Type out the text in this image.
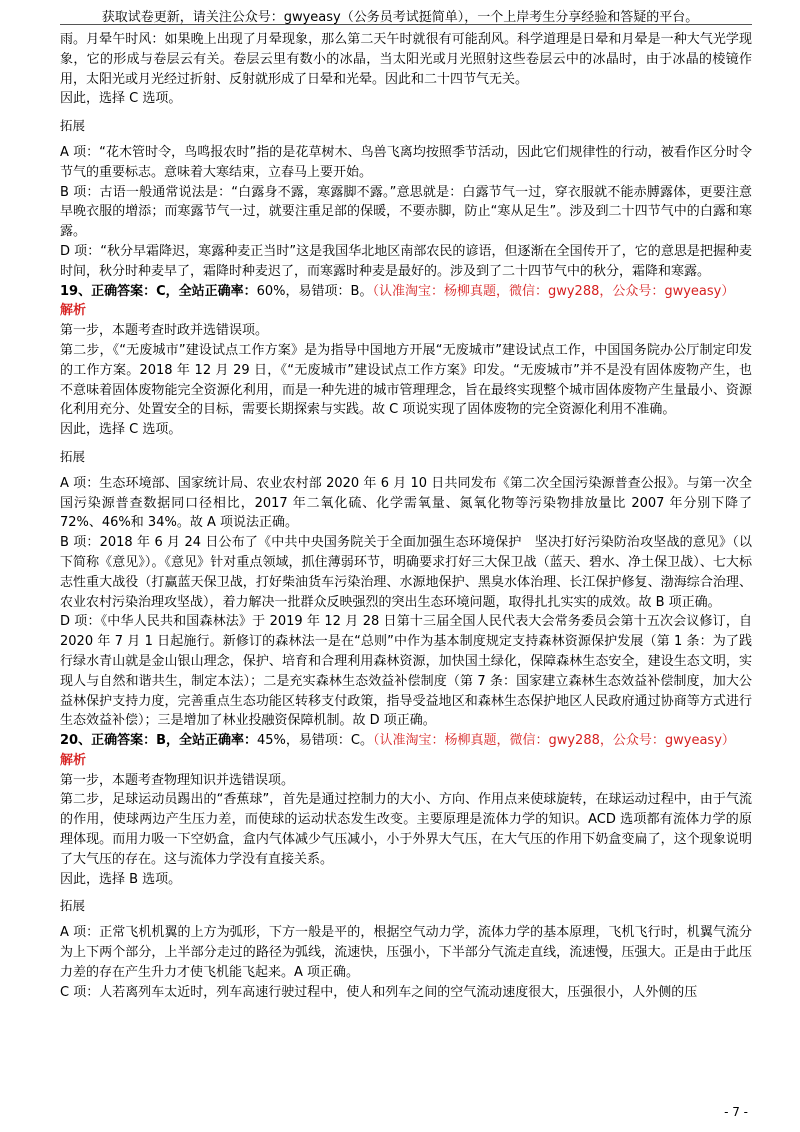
获取试卷更新，请关注公众号：gwyeasy（公务员考试挺简单），一个上岸考生分享经验和答疑的平台。

雨。月晕午时风：如果晚上出现了月晕现象，那么第二天午时就很有可能刮风。科学道理是日晕和月晕是一种大气光学现象，它的形成与卷层云有关。卷层云里有数小的冰晶，当太阳光或月光照射这些卷层云中的冰晶时，由于冰晶的棱镜作用，太阳光或月光经过折射、反射就形成了日晕和光晕。因此和二十四节气无关。

因此，选择 C 选项。

拓展

A 项：“花木管时令，鸟鸣报农时”指的是花草树木、鸟兽飞离均按照季节活动，因此它们规律性的行动，被看作区分时令节气的重要标志。意味着大寒结束，立春马上要开始。

B 项：古语一般通常说法是：“白露身不露，寒露脚不露。”意思就是：白露节气一过，穿衣服就不能赤膊露体，更要注意早晚衣服的增添；而寒露节气一过，就要注重足部的保暖，不要赤脚，防止“寒从足生”。涉及到二十四节气中的白露和寒露。

D 项：“秋分早霜降迟，寒露种麦正当时”这是我国华北地区南部农民的谚语，但逐渐在全国传开了，它的意思是把握种麦时间，秋分时种麦早了，霜降时种麦迟了，而寒露时种麦是最好的。涉及到了二十四节气中的秋分，霜降和寒露。

19、正确答案：C，全站正确率：60%，易错项：B。（认准淘宝：杨柳真题，微信：gwy288，公众号：gwyeasy）

解析

第一步，本题考查时政并选错误项。

第二步，《“无废城市”建设试点工作方案》是为指导中国地方开展“无废城市”建设试点工作，中国国务院办公厅制定印发的工作方案。2018 年 12 月 29 日，《“无废城市”建设试点工作方案》印发。“无废城市”并不是没有固体废物产生，也不意味着固体废物能完全资源化利用，而是一种先进的城市管理理念，旨在最终实现整个城市固体废物产生量最小、资源化利用充分、处置安全的目标，需要长期探索与实践。故 C 项说实现了固体废物的完全资源化利用不准确。

因此，选择 C 选项。

拓展

A 项：生态环境部、国家统计局、农业农村部 2020 年 6 月 10 日共同发布《第二次全国污染源普查公报》。与第一次全国污染源普查数据同口径相比，2017 年二氧化硫、化学需氧量、氮氧化物等污染物排放量比 2007 年分别下降了 72%、46%和 34%。故 A 项说法正确。

B 项：2018 年 6 月 24 日公布了《中共中央国务院关于全面加强生态环境保护　坚决打好污染防治攻坚战的意见》（以下简称《意见》）。《意见》针对重点领域，抓住薄弱环节，明确要求打好三大保卫战（蓝天、碧水、净土保卫战）、七大标志性重大战役（打赢蓝天保卫战，打好柴油货车污染治理、水源地保护、黑臭水体治理、长江保护修复、渤海综合治理、农业农村污染治理攻坚战），着力解决一批群众反映强烈的突出生态环境问题，取得扎扎实实的成效。故 B 项正确。

D 项：《中华人民共和国森林法》于 2019 年 12 月 28 日第十三届全国人民代表大会常务委员会第十五次会议修订，自 2020 年 7 月 1 日起施行。新修订的森林法一是在“总则”中作为基本制度规定支持森林资源保护发展（第 1 条：为了践行绿水青山就是金山银山理念，保护、培育和合理利用森林资源，加快国土绿化，保障森林生态安全，建设生态文明，实现人与自然和谐共生，制定本法）；二是充实森林生态效益补偿制度（第 7 条：国家建立森林生态效益补偿制度，加大公益林保护支持力度，完善重点生态功能区转移支付政策，指导受益地区和森林生态保护地区人民政府通过协商等方式进行生态效益补偿）；三是增加了林业投融资保障机制。故 D 项正确。

20、正确答案：B，全站正确率：45%，易错项：C。（认准淘宝：杨柳真题，微信：gwy288，公众号：gwyeasy）

解析

第一步，本题考查物理知识并选错误项。

第二步，足球运动员踢出的“香蕉球”，首先是通过控制力的大小、方向、作用点来使球旋转，在球运动过程中，由于气流的作用，使球两边产生压力差，而使球的运动状态发生改变。主要原理是流体力学的知识。ACD 选项都有流体力学的原理体现。而用力吸一下空奶盒，盒内气体减少气压减小，小于外界大气压，在大气压的作用下奶盒变扁了，这个现象说明了大气压的存在。这与流体力学没有直接关系。

因此，选择 B 选项。

拓展

A 项：正常飞机机翼的上方为弧形，下方一般是平的，根据空气动力学，流体力学的基本原理，飞机飞行时，机翼气流分为上下两个部分，上半部分走过的路径为弧线，流速快，压强小，下半部分气流走直线，流速慢，压强大。正是由于此压力差的存在产生升力才使飞机能飞起来。A 项正确。

C 项：人若离列车太近时，列车高速行驶过程中，使人和列车之间的空气流动速度很大，压强很小，人外侧的压

- 7 -
